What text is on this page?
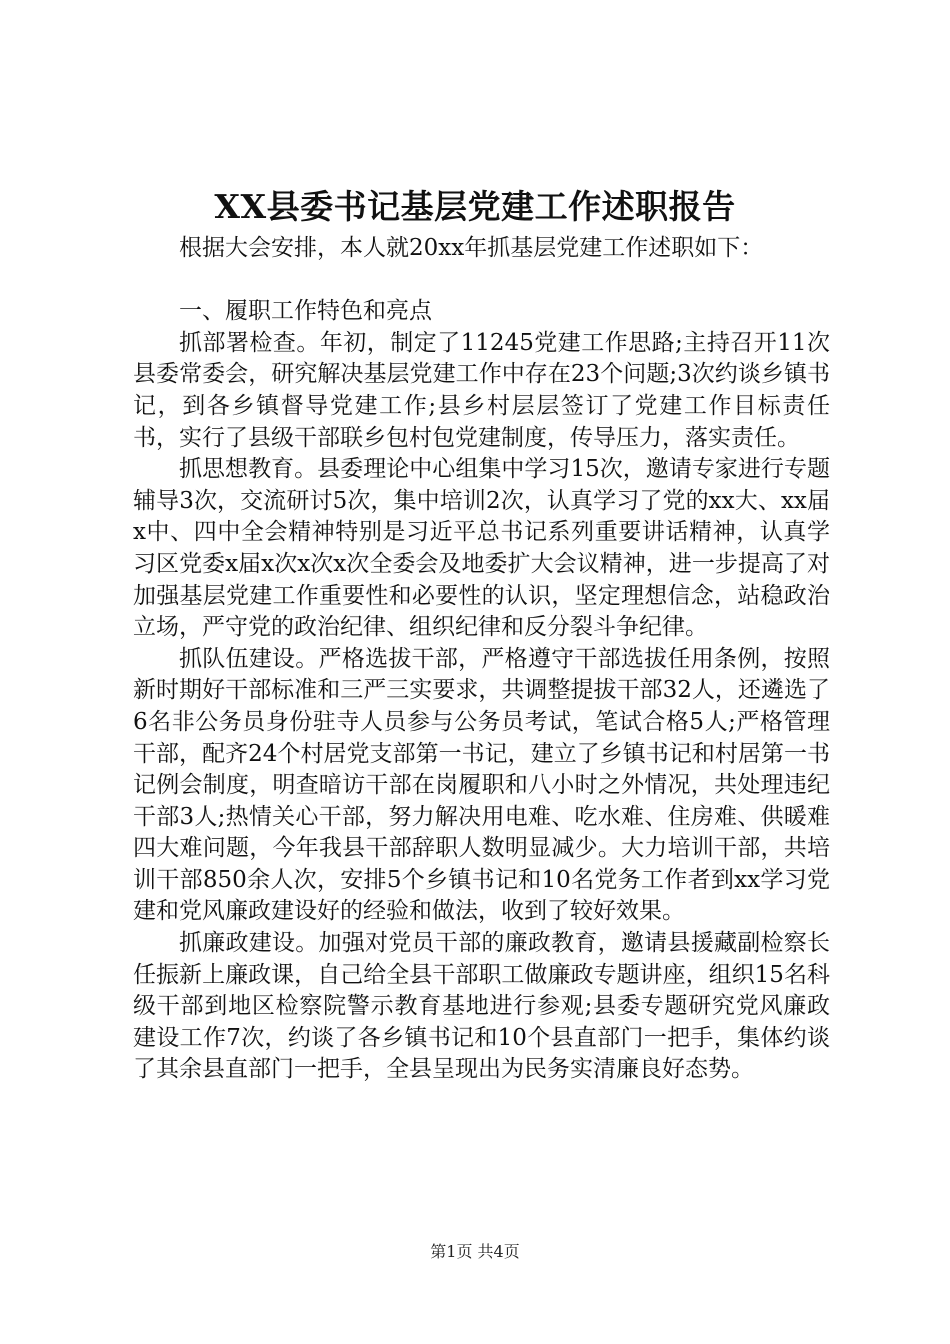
XX县委书记基层党建工作述职报告

根据大会安排，本人就20xx年抓基层党建工作述职如下：

一、履职工作特色和亮点

抓部署检查。年初，制定了11245党建工作思路;主持召开11次县委常委会，研究解决基层党建工作中存在23个问题;3次约谈乡镇书记，到各乡镇督导党建工作;县乡村层层签订了党建工作目标责任书，实行了县级干部联乡包村包党建制度，传导压力，落实责任。

抓思想教育。县委理论中心组集中学习15次，邀请专家进行专题辅导3次，交流研讨5次，集中培训2次，认真学习了党的xx大、xx届x中、四中全会精神特别是习近平总书记系列重要讲话精神，认真学习区党委x届x次x次x次全委会及地委扩大会议精神，进一步提高了对加强基层党建工作重要性和必要性的认识，坚定理想信念，站稳政治立场，严守党的政治纪律、组织纪律和反分裂斗争纪律。

抓队伍建设。严格选拔干部，严格遵守干部选拔任用条例，按照新时期好干部标准和三严三实要求，共调整提拔干部32人，还遴选了6名非公务员身份驻寺人员参与公务员考试，笔试合格5人;严格管理干部，配齐24个村居党支部第一书记，建立了乡镇书记和村居第一书记例会制度，明查暗访干部在岗履职和八小时之外情况，共处理违纪干部3人;热情关心干部，努力解决用电难、吃水难、住房难、供暖难四大难问题，今年我县干部辞职人数明显减少。大力培训干部，共培训干部850余人次，安排5个乡镇书记和10名党务工作者到xx学习党建和党风廉政建设好的经验和做法，收到了较好效果。

抓廉政建设。加强对党员干部的廉政教育，邀请县援藏副检察长任振新上廉政课，自己给全县干部职工做廉政专题讲座，组织15名科级干部到地区检察院警示教育基地进行参观;县委专题研究党风廉政建设工作7次，约谈了各乡镇书记和10个县直部门一把手，集体约谈了其余县直部门一把手，全县呈现出为民务实清廉良好态势。

第1页 共4页
